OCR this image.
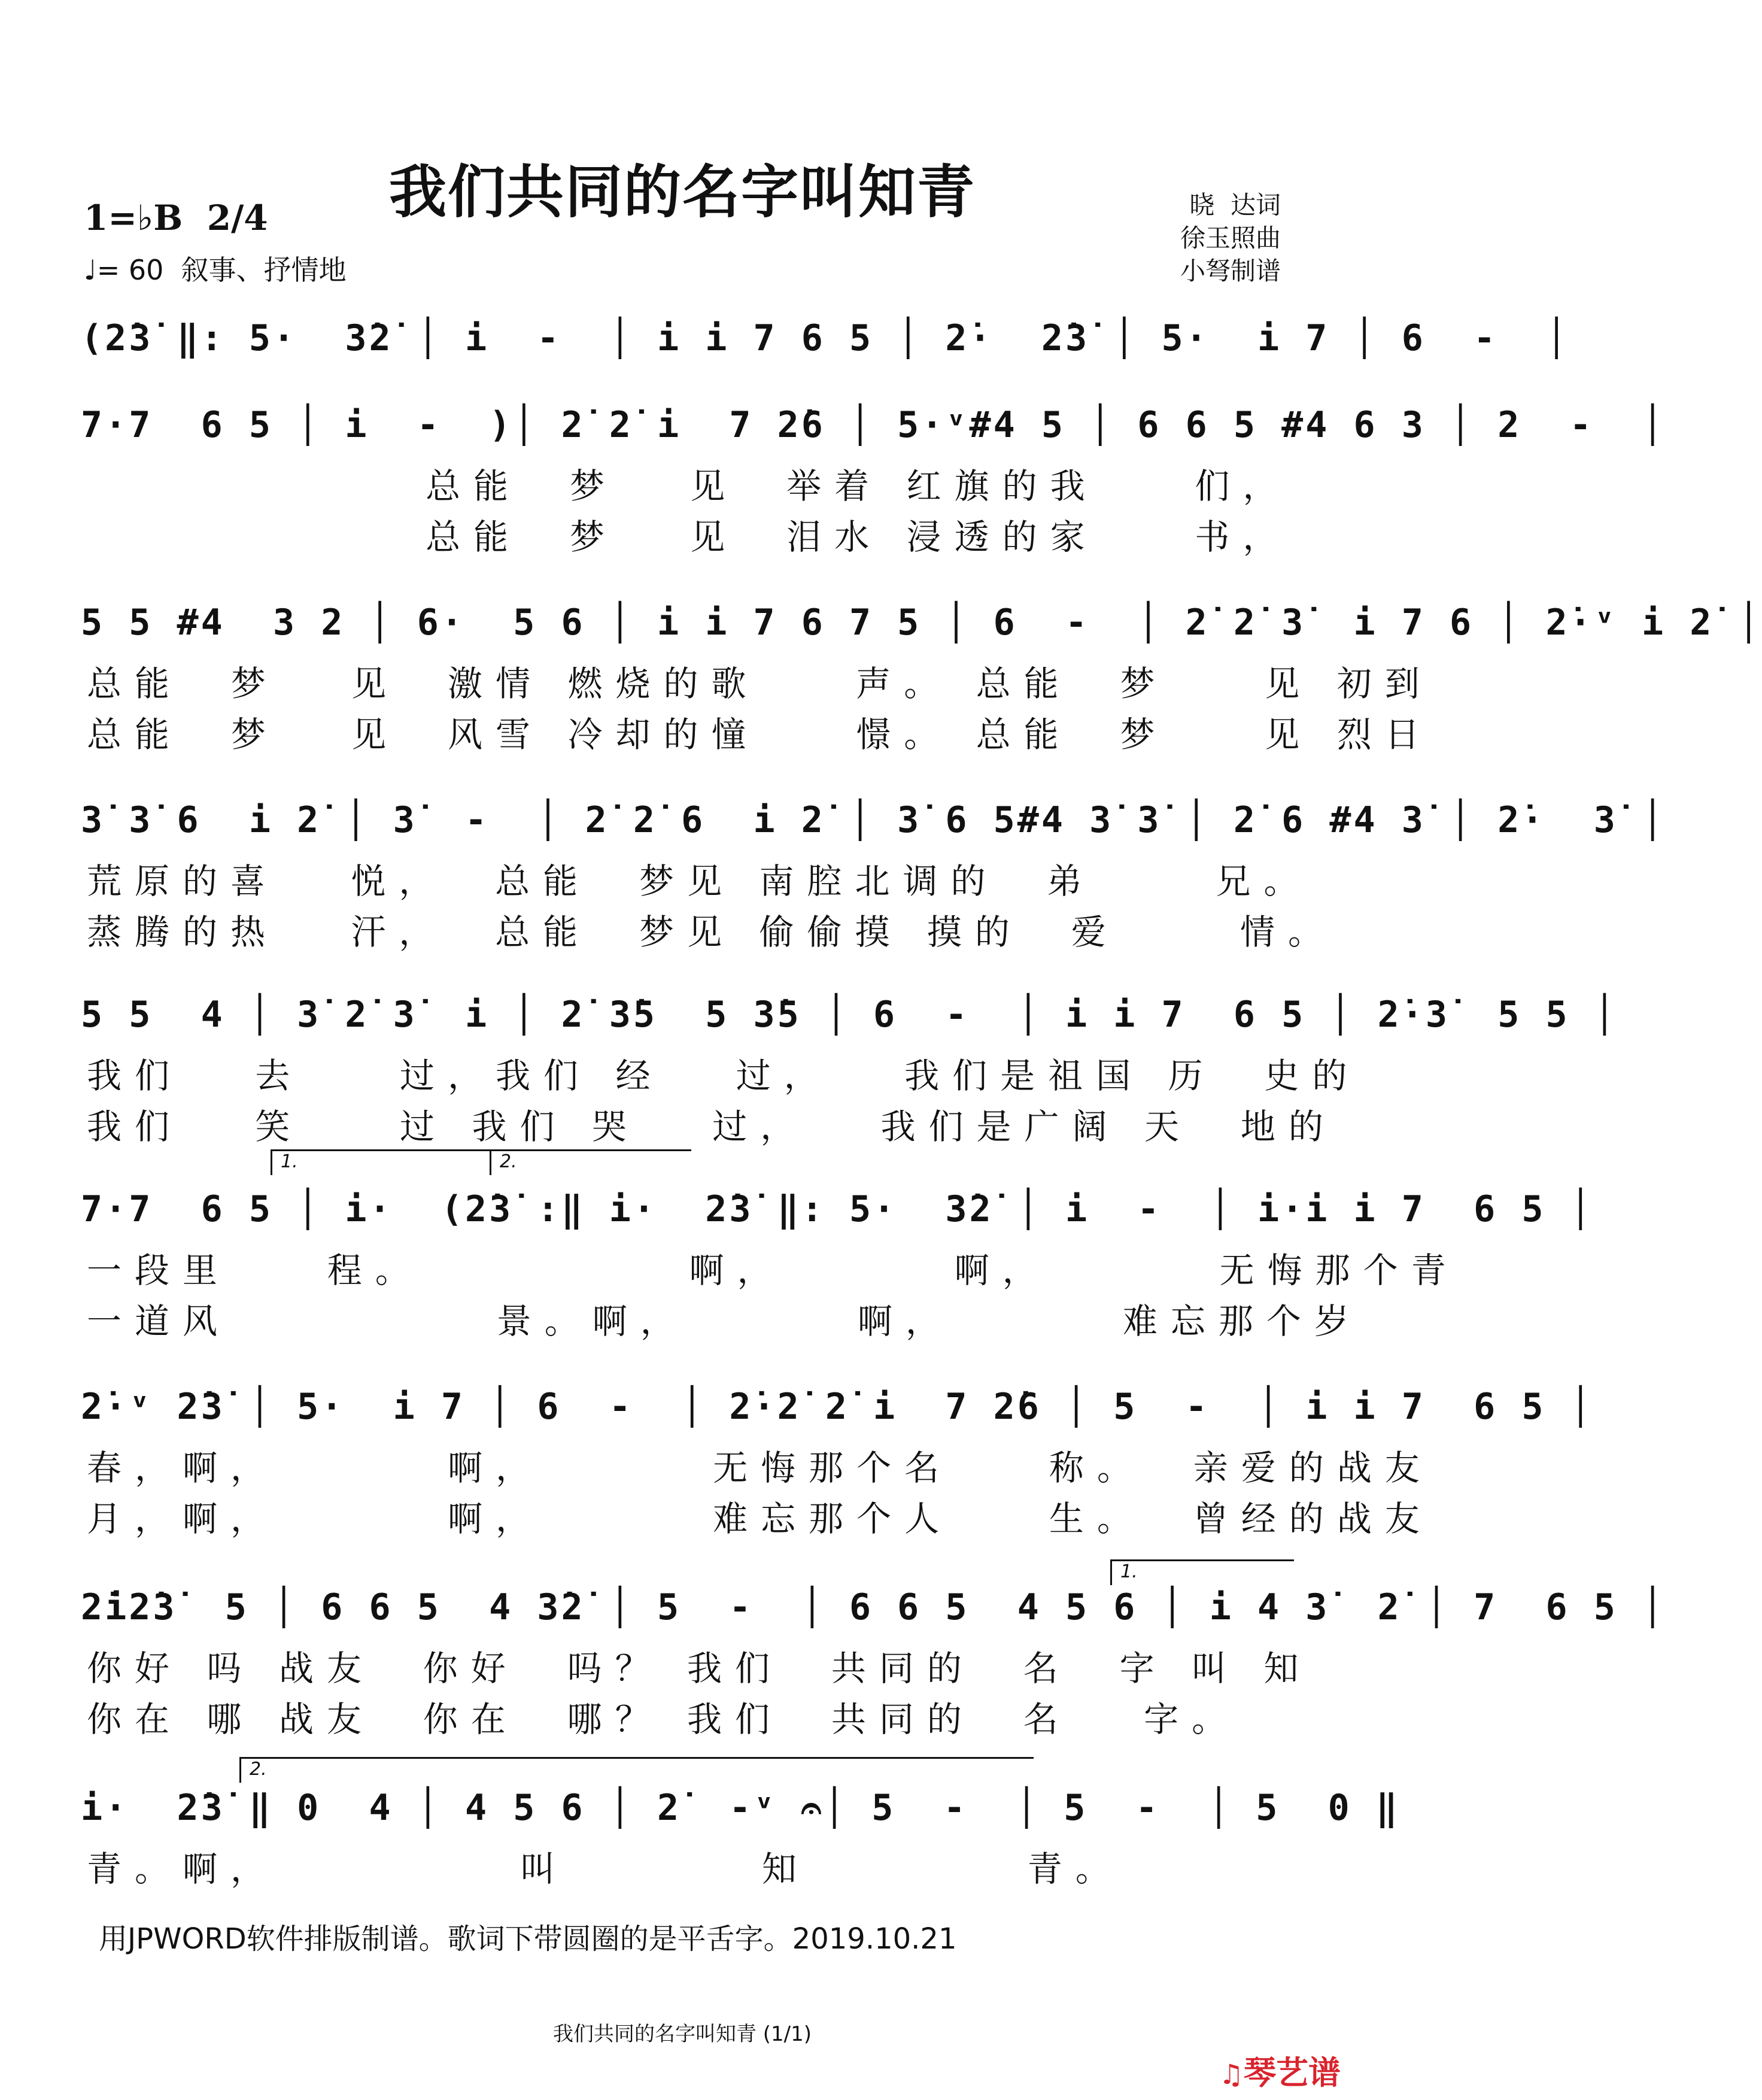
我们共同的名字叫知青
1=♭B 2/4
♩= 60  叙事、抒情地
晓  达词
徐玉照曲
小弩制谱
(2̇3̇ ‖: 5·  3̇2̇ │ i  -  │ i i 7 6 5 │ 2̇·  2̇3̇ │ 5·  i 7 │ 6  -  │
7·7  6 5 │ i  -  )│ 2̇ 2̇ i  7 2̇6 │ 5·ᵛ#4 5 │ 6 6 5 #4 6 3 │ 2  -  │
总能  梦   见  举着 红旗的我    们，
总能  梦   见  泪水 浸透的家    书，
5 5 #4  3 2 │ 6·  5 6 │ i i 7 6 7 5 │ 6  -  │ 2̇ 2̇ 3̇  i 7 6 │ 2̇·ᵛ i 2̇ │
总能  梦   见  激情 燃烧的歌    声。 总能  梦    见 初到
总能  梦   见  风雪 冷却的憧    憬。 总能  梦    见 烈日
3̇ 3̇ 6  i 2̇ │ 3̇  -  │ 2̇ 2̇ 6  i 2̇ │ 3̇ 6 5#4 3̇ 3̇ │ 2̇ 6 #4 3̇ │ 2̇·  3̇ │
荒原的喜   悦，  总能  梦见 南腔北调的  弟     兄。
蒸腾的热   汗，  总能  梦见 偷偷摸 摸的  爱     情。
5 5  4 │ 3̇ 2̇ 3̇  i │ 2̇ 3̇5  5 3̇5 │ 6  -  │ i i 7  6 5 │ 2̇·3̇  5 5 │
我们   去    过，我们 经   过，   我们是祖国 历  史的
我们   笑    过 我们 哭   过，   我们是广阔 天  地的
1.	2.
7·7  6 5 │ i·  (2̇3̇ :‖ i·  2̇3̇ ‖: 5·  3̇2̇ │ i  -  │ i·i i 7  6 5 │
一段里    程。           啊，       啊，       无悔那个青
一道风           景。啊，       啊，       难忘那个岁
2̇·ᵛ 2̇3̇ │ 5·  i 7 │ 6  -  │ 2̇·2̇ 2̇ i  7 2̇6 │ 5  -  │ i i 7  6 5 │
春，啊，       啊，       无悔那个名    称。  亲爱的战友
月，啊，       啊，       难忘那个人    生。  曾经的战友
1.
2̇i2̇3̇  5 │ 6 6 5  4 3̇2̇ │ 5  -  │ 6 6 5  4 5 6 │ i 4 3̇  2̇ │ 7  6 5 │
你好 吗 战友  你好  吗？ 我们  共同的  名  字 叫 知
你在 哪 战友  你在  哪？ 我们  共同的  名   字。
2.
i·  2̇3̇ ‖ 0  4 │ 4 5 6 │ 2̇  -ᵛ 𝄐│ 5  -  │ 5  -  │ 5  0 ‖
青。啊，          叫        知         青。
用JPWORD软件排版制谱。歌词下带圆圈的是平舌字。2019.10.21
我们共同的名字叫知青 (1/1)
♫琴艺谱
